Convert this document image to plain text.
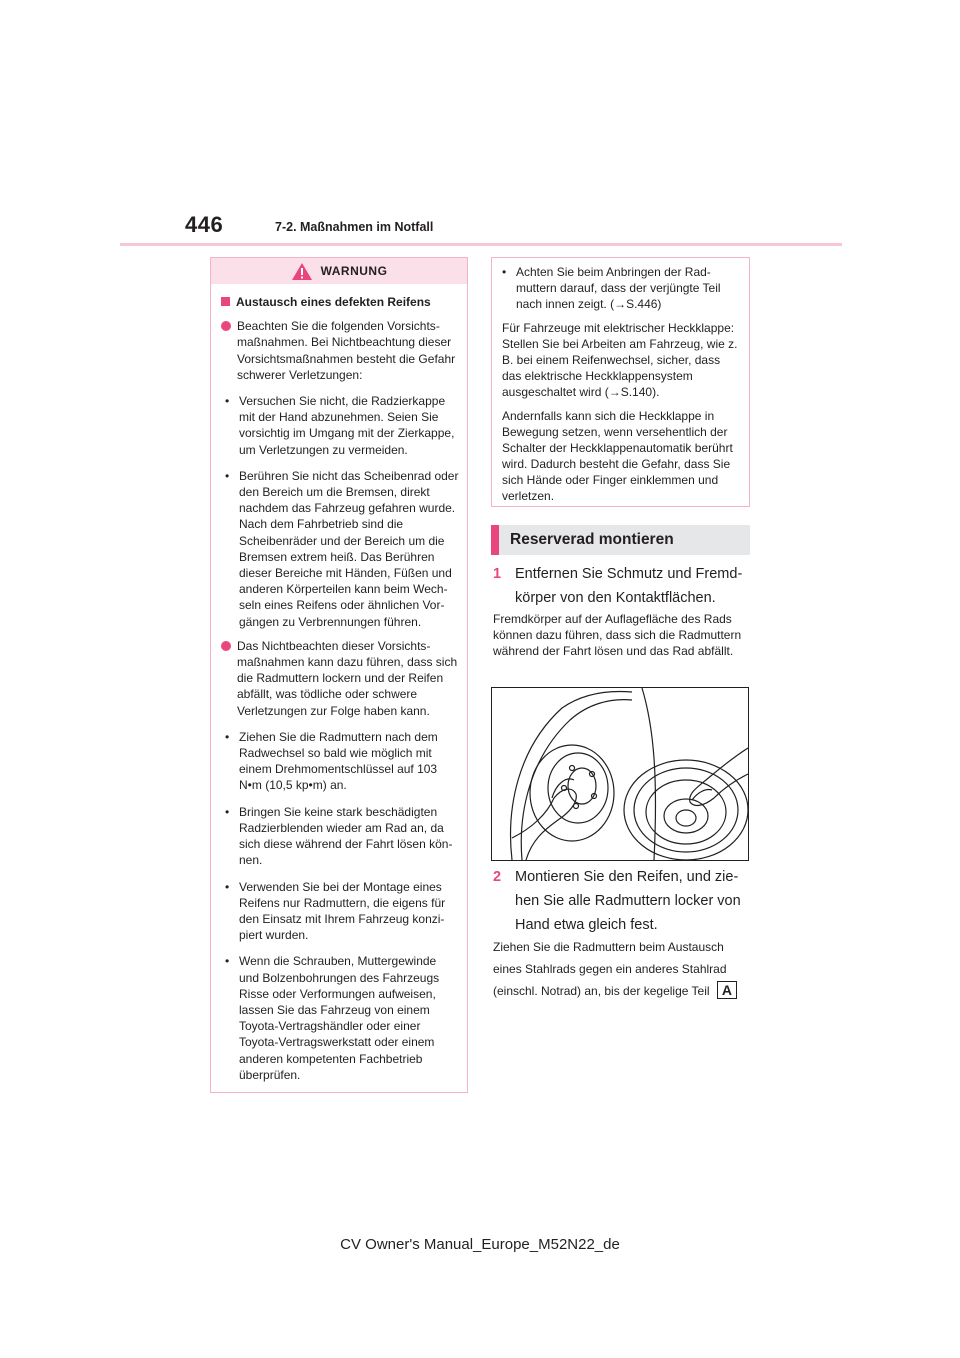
446	7-2. Maßnahmen im Notfall
WARNUNG
Austausch eines defekten Reifens
Beachten Sie die folgenden Vorsichtsmaßnahmen. Bei Nichtbeachtung dieser Vorsichtsmaßnahmen besteht die Gefahr schwerer Verletzungen:
• Versuchen Sie nicht, die Radzierkappe mit der Hand abzunehmen. Seien Sie vorsichtig im Umgang mit der Zierkappe, um Verletzungen zu vermeiden.
• Berühren Sie nicht das Scheibenrad oder den Bereich um die Bremsen, direkt nachdem das Fahrzeug gefahren wurde. Nach dem Fahrbetrieb sind die Scheibenräder und der Bereich um die Bremsen extrem heiß. Das Berühren dieser Bereiche mit Händen, Füßen und anderen Körperteilen kann beim Wechseln eines Reifens oder ähnlichen Vorgängen zu Verbrennungen führen.
Das Nichtbeachten dieser Vorsichtsmaßnahmen kann dazu führen, dass sich die Radmuttern lockern und der Reifen abfällt, was tödliche oder schwere Verletzungen zur Folge haben kann.
• Ziehen Sie die Radmuttern nach dem Radwechsel so bald wie möglich mit einem Drehmomentschlüssel auf 103 N•m (10,5 kp•m) an.
• Bringen Sie keine stark beschädigten Radzierblenden wieder am Rad an, da sich diese während der Fahrt lösen können.
• Verwenden Sie bei der Montage eines Reifens nur Radmuttern, die eigens für den Einsatz mit Ihrem Fahrzeug konzipiert wurden.
• Wenn die Schrauben, Muttergewinde und Bolzenbohrungen des Fahrzeugs Risse oder Verformungen aufweisen, lassen Sie das Fahrzeug von einem Toyota-Vertragshändler oder einer Toyota-Vertragswerkstatt oder einem anderen kompetenten Fachbetrieb überprüfen.
• Achten Sie beim Anbringen der Radmuttern darauf, dass der verjüngte Teil nach innen zeigt. (→S.446)

Für Fahrzeuge mit elektrischer Heckklappe: Stellen Sie bei Arbeiten am Fahrzeug, wie z. B. bei einem Reifenwechsel, sicher, dass das elektrische Heckklappensystem ausgeschaltet wird (→S.140).

Andernfalls kann sich die Heckklappe in Bewegung setzen, wenn versehentlich der Schalter der Heckklappenautomatik berührt wird. Dadurch besteht die Gefahr, dass Sie sich Hände oder Finger einklemmen und verletzen.

Reserverad montieren
1 Entfernen Sie Schmutz und Fremdkörper von den Kontaktflächen.
Fremdkörper auf der Auflagefläche des Rads können dazu führen, dass sich die Radmuttern während der Fahrt lösen und das Rad abfällt.
2 Montieren Sie den Reifen, und ziehen Sie alle Radmuttern locker von Hand etwa gleich fest.
Ziehen Sie die Radmuttern beim Austausch eines Stahlrads gegen ein anderes Stahlrad (einschl. Notrad) an, bis der kegelige Teil A
CV Owner's Manual_Europe_M52N22_de
